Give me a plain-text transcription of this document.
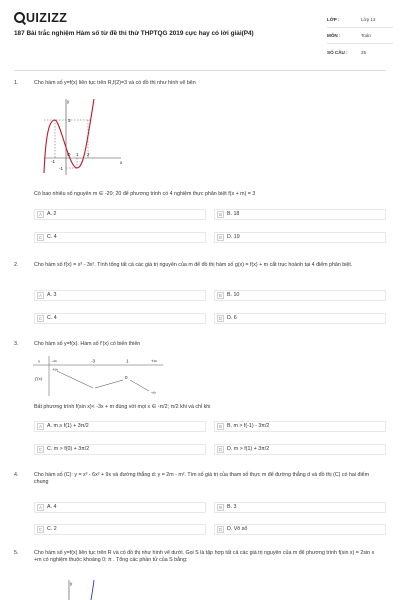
UIZIZZ
187 Bài trắc nghiệm Hàm số từ đề thi thử THPTQG 2019 cực hay có lời giải(P4)
LỚP :	Lớp 12
MÔN :	Toán
SỐ CÂU :	25
1.	Cho hàm số y=f(x) liên tục trên R,f(2)=3 và có đồ thị như hình vẽ bên
Có bao nhiêu số nguyên m ∈ -20; 20 để phương trình có 4 nghiệm thực phân biệt f(x + m) = 3
A A. 2	B B. 18
C C. 4	D D. 19
y
x
O
3
1 2
-1
-1
2.	Cho hàm số f(x) = x³ - 3x². Tính tổng tất cả các giá trị nguyên của m để đồ thị hàm số g(x) = f(x) + m cắt trục hoành tại 4 điểm phân biệt.
A A. 3	B B. 10
C C. 4	D D. 6
3.	Cho hàm số y=f(x). Hàm số f'(x) có biến thiên
Bất phương trình f(sin x)< -3x + m đúng với mọi x ∈ -π/2; π/2 khi và chỉ khi
A A. m ≥ f(1) + 3π/2	B B. m > f(-1) - 3π/2
C C. m > f(0) + 3π/2	D D. m > f(1) + 3π/2
x
f'(x)
-∞	-3	1	+∞
+∞
0
-∞
4.	Cho hàm số (C): y = x³ - 6x² + 9x và đường thẳng d: y = 2m - m². Tìm số giá trị của tham số thực m để đường thẳng d và đồ thị (C) có hai điểm chung
A A. 4	B B. 3
C C. 2	D D. Vô số
5.	Cho hàm số y=f(x) liên tục trên R và có đồ thị như hình vẽ dưới. Gọi S là tập hợp tất cả các giá trị nguyên của m để phương trình f(sin x) = 2sin x +m có nghiệm thuộc khoảng 0; π . Tổng các phần tử của S bằng:
y
